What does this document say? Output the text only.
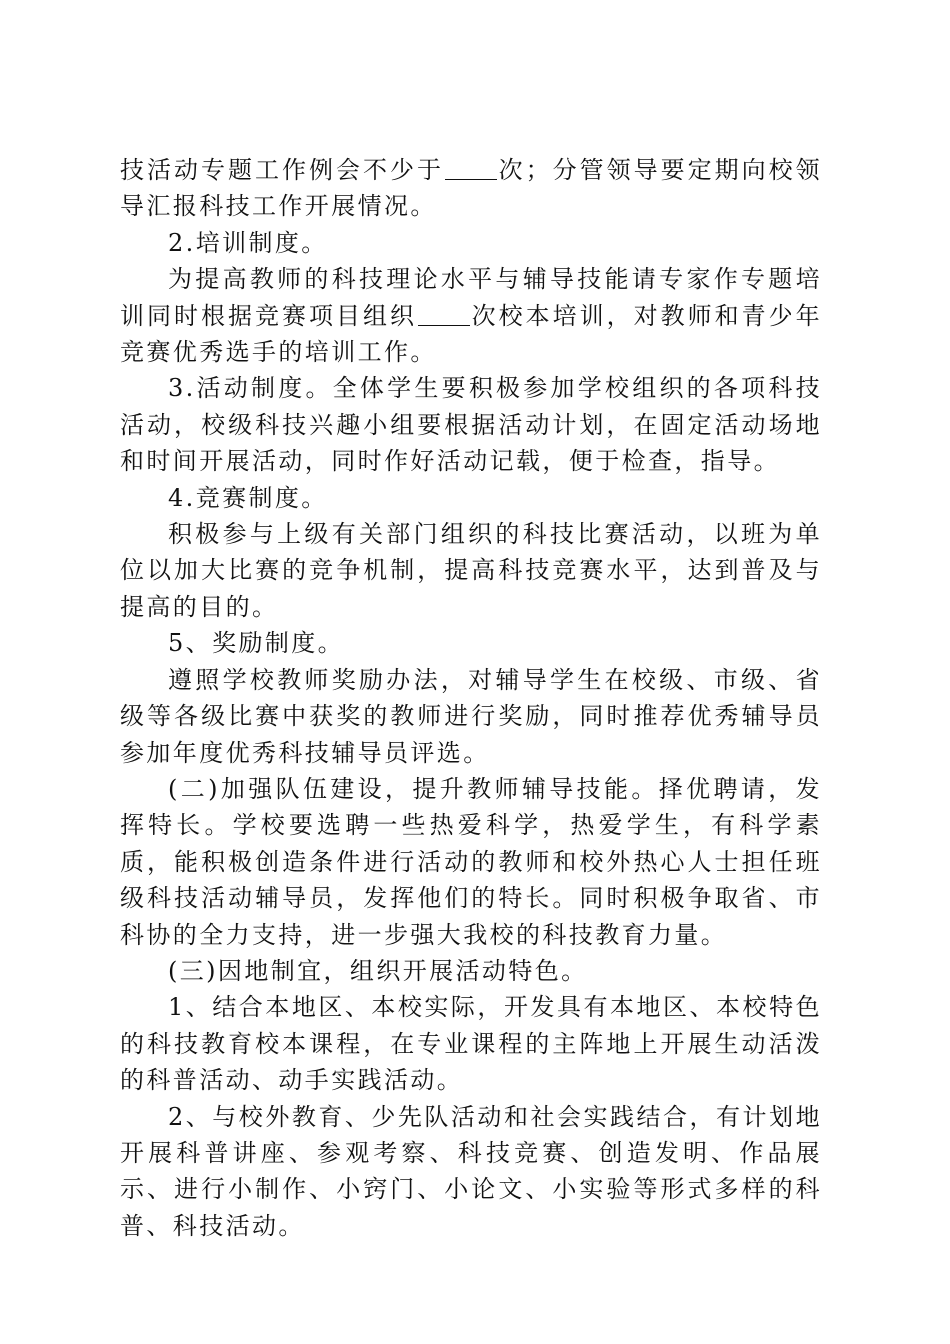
技活动专题工作例会不少于 次；分管领导要定期向校领导汇报科技工作开展情况。

2.培训制度。

为提高教师的科技理论水平与辅导技能请专家作专题培训同时根据竞赛项目组织 次校本培训，对教师和青少年竞赛优秀选手的培训工作。

3.活动制度。全体学生要积极参加学校组织的各项科技活动，校级科技兴趣小组要根据活动计划，在固定活动场地和时间开展活动，同时作好活动记载，便于检查，指导。

4.竞赛制度。

积极参与上级有关部门组织的科技比赛活动，以班为单位以加大比赛的竞争机制，提高科技竞赛水平，达到普及与提高的目的。

5、奖励制度。

遵照学校教师奖励办法，对辅导学生在校级、市级、省级等各级比赛中获奖的教师进行奖励，同时推荐优秀辅导员参加年度优秀科技辅导员评选。

(二)加强队伍建设，提升教师辅导技能。择优聘请，发挥特长。学校要选聘一些热爱科学，热爱学生，有科学素质，能积极创造条件进行活动的教师和校外热心人士担任班级科技活动辅导员，发挥他们的特长。同时积极争取省、市科协的全力支持，进一步强大我校的科技教育力量。

(三)因地制宜，组织开展活动特色。

1、结合本地区、本校实际，开发具有本地区、本校特色的科技教育校本课程，在专业课程的主阵地上开展生动活泼的科普活动、动手实践活动。

2、与校外教育、少先队活动和社会实践结合，有计划地开展科普讲座、参观考察、科技竞赛、创造发明、作品展示、进行小制作、小窍门、小论文、小实验等形式多样的科普、科技活动。
